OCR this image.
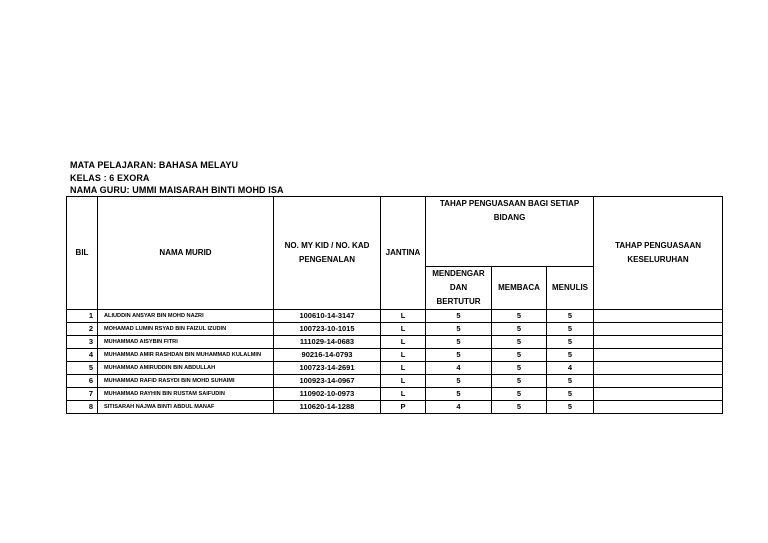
MATA PELAJARAN: BAHASA MELAYU
KELAS : 6 EXORA
NAMA GURU: UMMI MAISARAH BINTI MOHD ISA
BIL	NAMA MURID	NO. MY KID / NO. KAD PENGENALAN	JANTINA	TAHAP PENGUASAAN BAGI SETIAP BIDANG			TAHAP PENGUASAAN KESELURUHAN
				MENDENGAR DAN BERTUTUR	MEMBACA	MENULIS	
1	ALIUDDIN ANSYAR BIN MOHD NAZRI	100610-14-3147	L	5	5	5	
2	MOHAMAD LUMIN RSYAD BIN FAIZUL IZUDIN	100723-10-1015	L	5	5	5	
3	MUHAMMAD AISYBIN FITRI	111029-14-0683	L	5	5	5	
4	MUHAMMAD AMIR RASHDAN BIN MUHAMMAD KULALMIN	90216-14-0793	L	5	5	5	
5	MUHAMMAD AMIRUDDIN BIN ABDULLAH	100723-14-2691	L	4	5	4	
6	MUHAMMAD RAFID RASYDI BIN MOHD SUHAIMI	100923-14-0967	L	5	5	5	
7	MUHAMMAD RAYHIN BIN RUSTAM SAIFUDIN	110902-10-0973	L	5	5	5	
8	SITISARAH NAJWA BINTI ABDUL MANAF	110620-14-1288	P	4	5	5	
